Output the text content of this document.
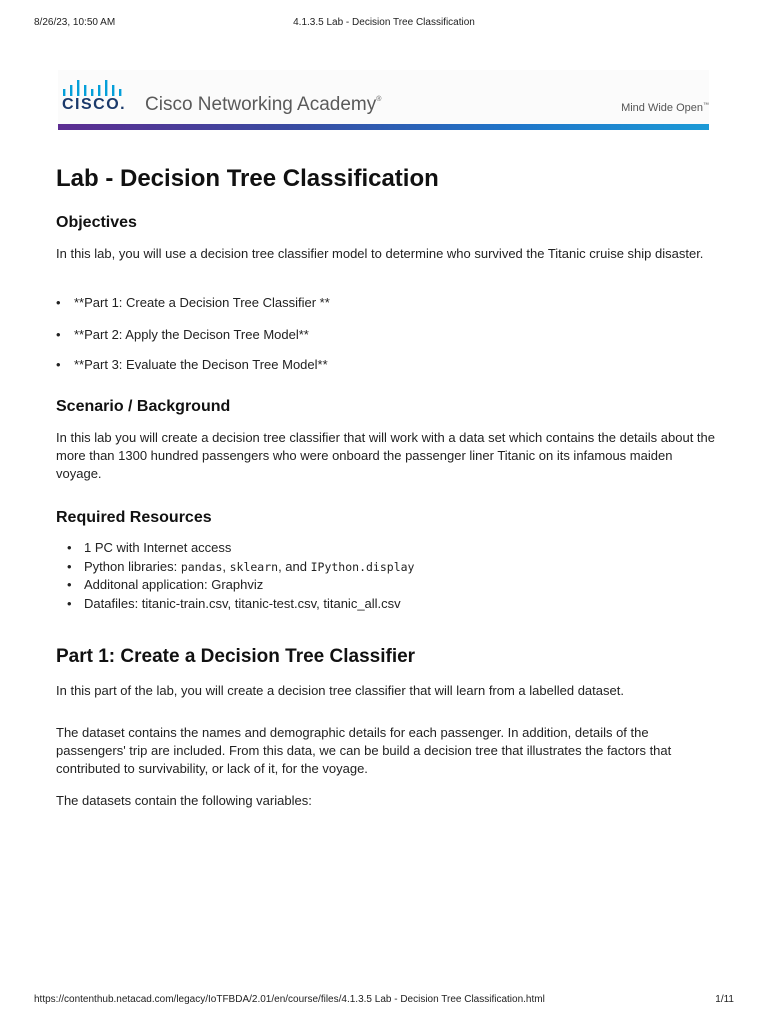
8/26/23, 10:50 AM	4.1.3.5 Lab - Decision Tree Classification
CISCO. Cisco Networking Academy®
Mind Wide Open™
Lab - Decision Tree Classification
Objectives

In this lab, you will use a decision tree classifier model to determine who survived the Titanic cruise ship disaster.

• **Part 1: Create a Decision Tree Classifier **
• **Part 2: Apply the Decison Tree Model**
• **Part 3: Evaluate the Decison Tree Model**
Scenario / Background

In this lab you will create a decision tree classifier that will work with a data set which contains the details about the more than 1300 hundred passengers who were onboard the passenger liner Titanic on its infamous maiden voyage.

Required Resources
• 1 PC with Internet access
• Python libraries: pandas, sklearn, and IPython.display
• Additonal application: Graphviz
• Datafiles: titanic-train.csv, titanic-test.csv, titanic_all.csv
Part 1: Create a Decision Tree Classifier

In this part of the lab, you will create a decision tree classifier that will learn from a labelled dataset.

The dataset contains the names and demographic details for each passenger. In addition, details of the passengers' trip are included. From this data, we can be build a decision tree that illustrates the factors that contributed to survivability, or lack of it, for the voyage.

The datasets contain the following variables:

https://contenthub.netacad.com/legacy/IoTFBDA/2.01/en/course/files/4.1.3.5 Lab - Decision Tree Classification.html	1/11
